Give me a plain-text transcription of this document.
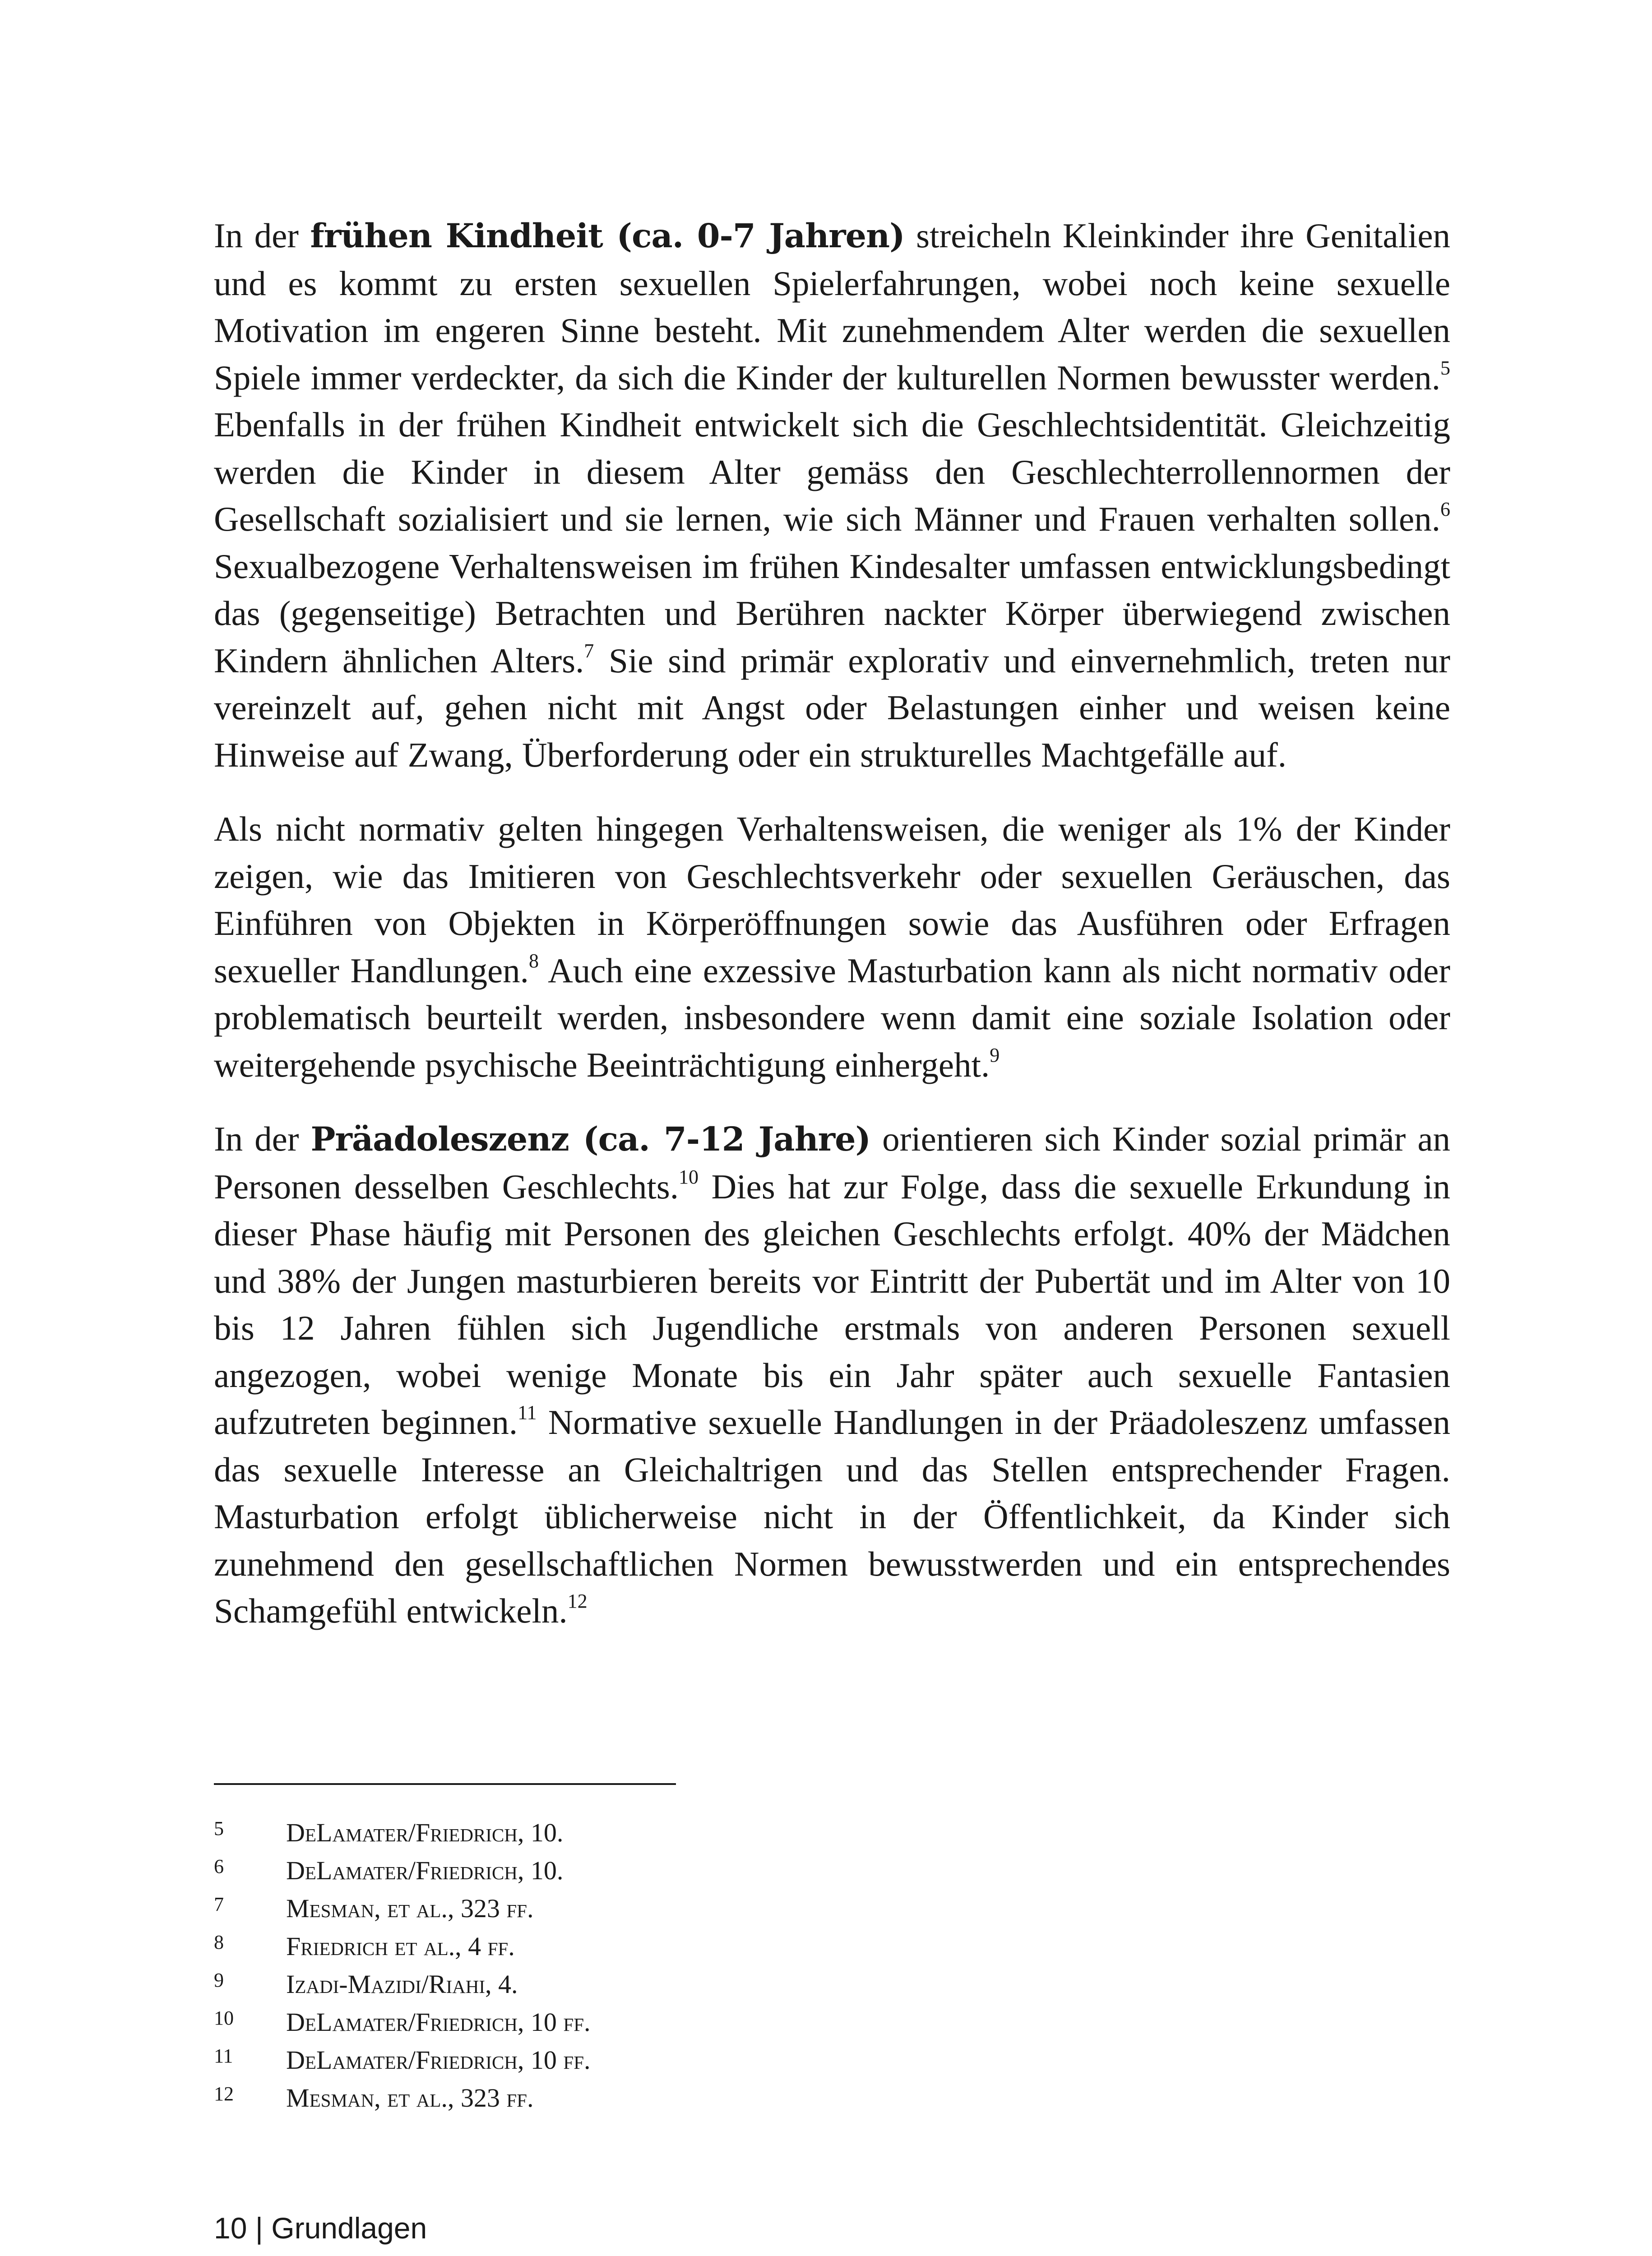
In der frühen Kindheit (ca. 0-7 Jahren) streicheln Kleinkinder ihre Genitalien und es kommt zu ersten sexuellen Spielerfahrungen, wobei noch keine sexuelle Motivation im engeren Sinne besteht. Mit zunehmendem Alter werden die sexuellen Spiele immer verdeckter, da sich die Kinder der kulturellen Normen bewusster werden.$^5$ Ebenfalls in der frühen Kindheit entwickelt sich die Geschlechtsidentität. Gleichzeitig werden die Kinder in diesem Alter gemäss den Geschlechterrollennormen der Gesellschaft sozialisiert und sie lernen, wie sich Männer und Frauen verhalten sollen.$^6$ Sexualbezogene Verhaltensweisen im frühen Kindesalter umfassen entwicklungsbedingt das (gegenseitige) Betrachten und Berühren nackter Körper überwiegend zwischen Kindern ähnlichen Alters.$^7$ Sie sind primär explorativ und einvernehmlich, treten nur vereinzelt auf, gehen nicht mit Angst oder Belastungen einher und weisen keine Hinweise auf Zwang, Überforderung oder ein strukturelles Machtgefälle auf.

Als nicht normativ gelten hingegen Verhaltensweisen, die weniger als 1% der Kinder zeigen, wie das Imitieren von Geschlechtsverkehr oder sexuellen Geräuschen, das Einführen von Objekten in Körperöffnungen sowie das Ausführen oder Erfragen sexueller Handlungen.$^8$ Auch eine exzessive Masturbation kann als nicht normativ oder problematisch beurteilt werden, insbesondere wenn damit eine soziale Isolation oder weitergehende psychische Beeinträchtigung einhergeht.$^9$

In der Präadoleszenz (ca. 7-12 Jahre) orientieren sich Kinder sozial primär an Personen desselben Geschlechts.$^{10}$ Dies hat zur Folge, dass die sexuelle Erkundung in dieser Phase häufig mit Personen des gleichen Geschlechts erfolgt. 40% der Mädchen und 38% der Jungen masturbieren bereits vor Eintritt der Pubertät und im Alter von 10 bis 12 Jahren fühlen sich Jugendliche erstmals von anderen Personen sexuell angezogen, wobei wenige Monate bis ein Jahr später auch sexuelle Fantasien aufzutreten beginnen.$^{11}$ Normative sexuelle Handlungen in der Präadoleszenz umfassen das sexuelle Interesse an Gleichaltrigen und das Stellen entsprechender Fragen. Masturbation erfolgt üblicherweise nicht in der Öffentlichkeit, da Kinder sich zunehmend den gesellschaftlichen Normen bewusstwerden und ein entsprechendes Schamgefühl entwickeln.$^{12}$

5	DeLamater/Friedrich, 10.
6	DeLamater/Friedrich, 10.
7	Mesman, et al., 323 ff.
8	Friedrich et al., 4 ff.
9	Izadi-Mazidi/Riahi, 4.
10	DeLamater/Friedrich, 10 ff.
11	DeLamater/Friedrich, 10 ff.
12	Mesman, et al., 323 ff.
10 | Grundlagen
